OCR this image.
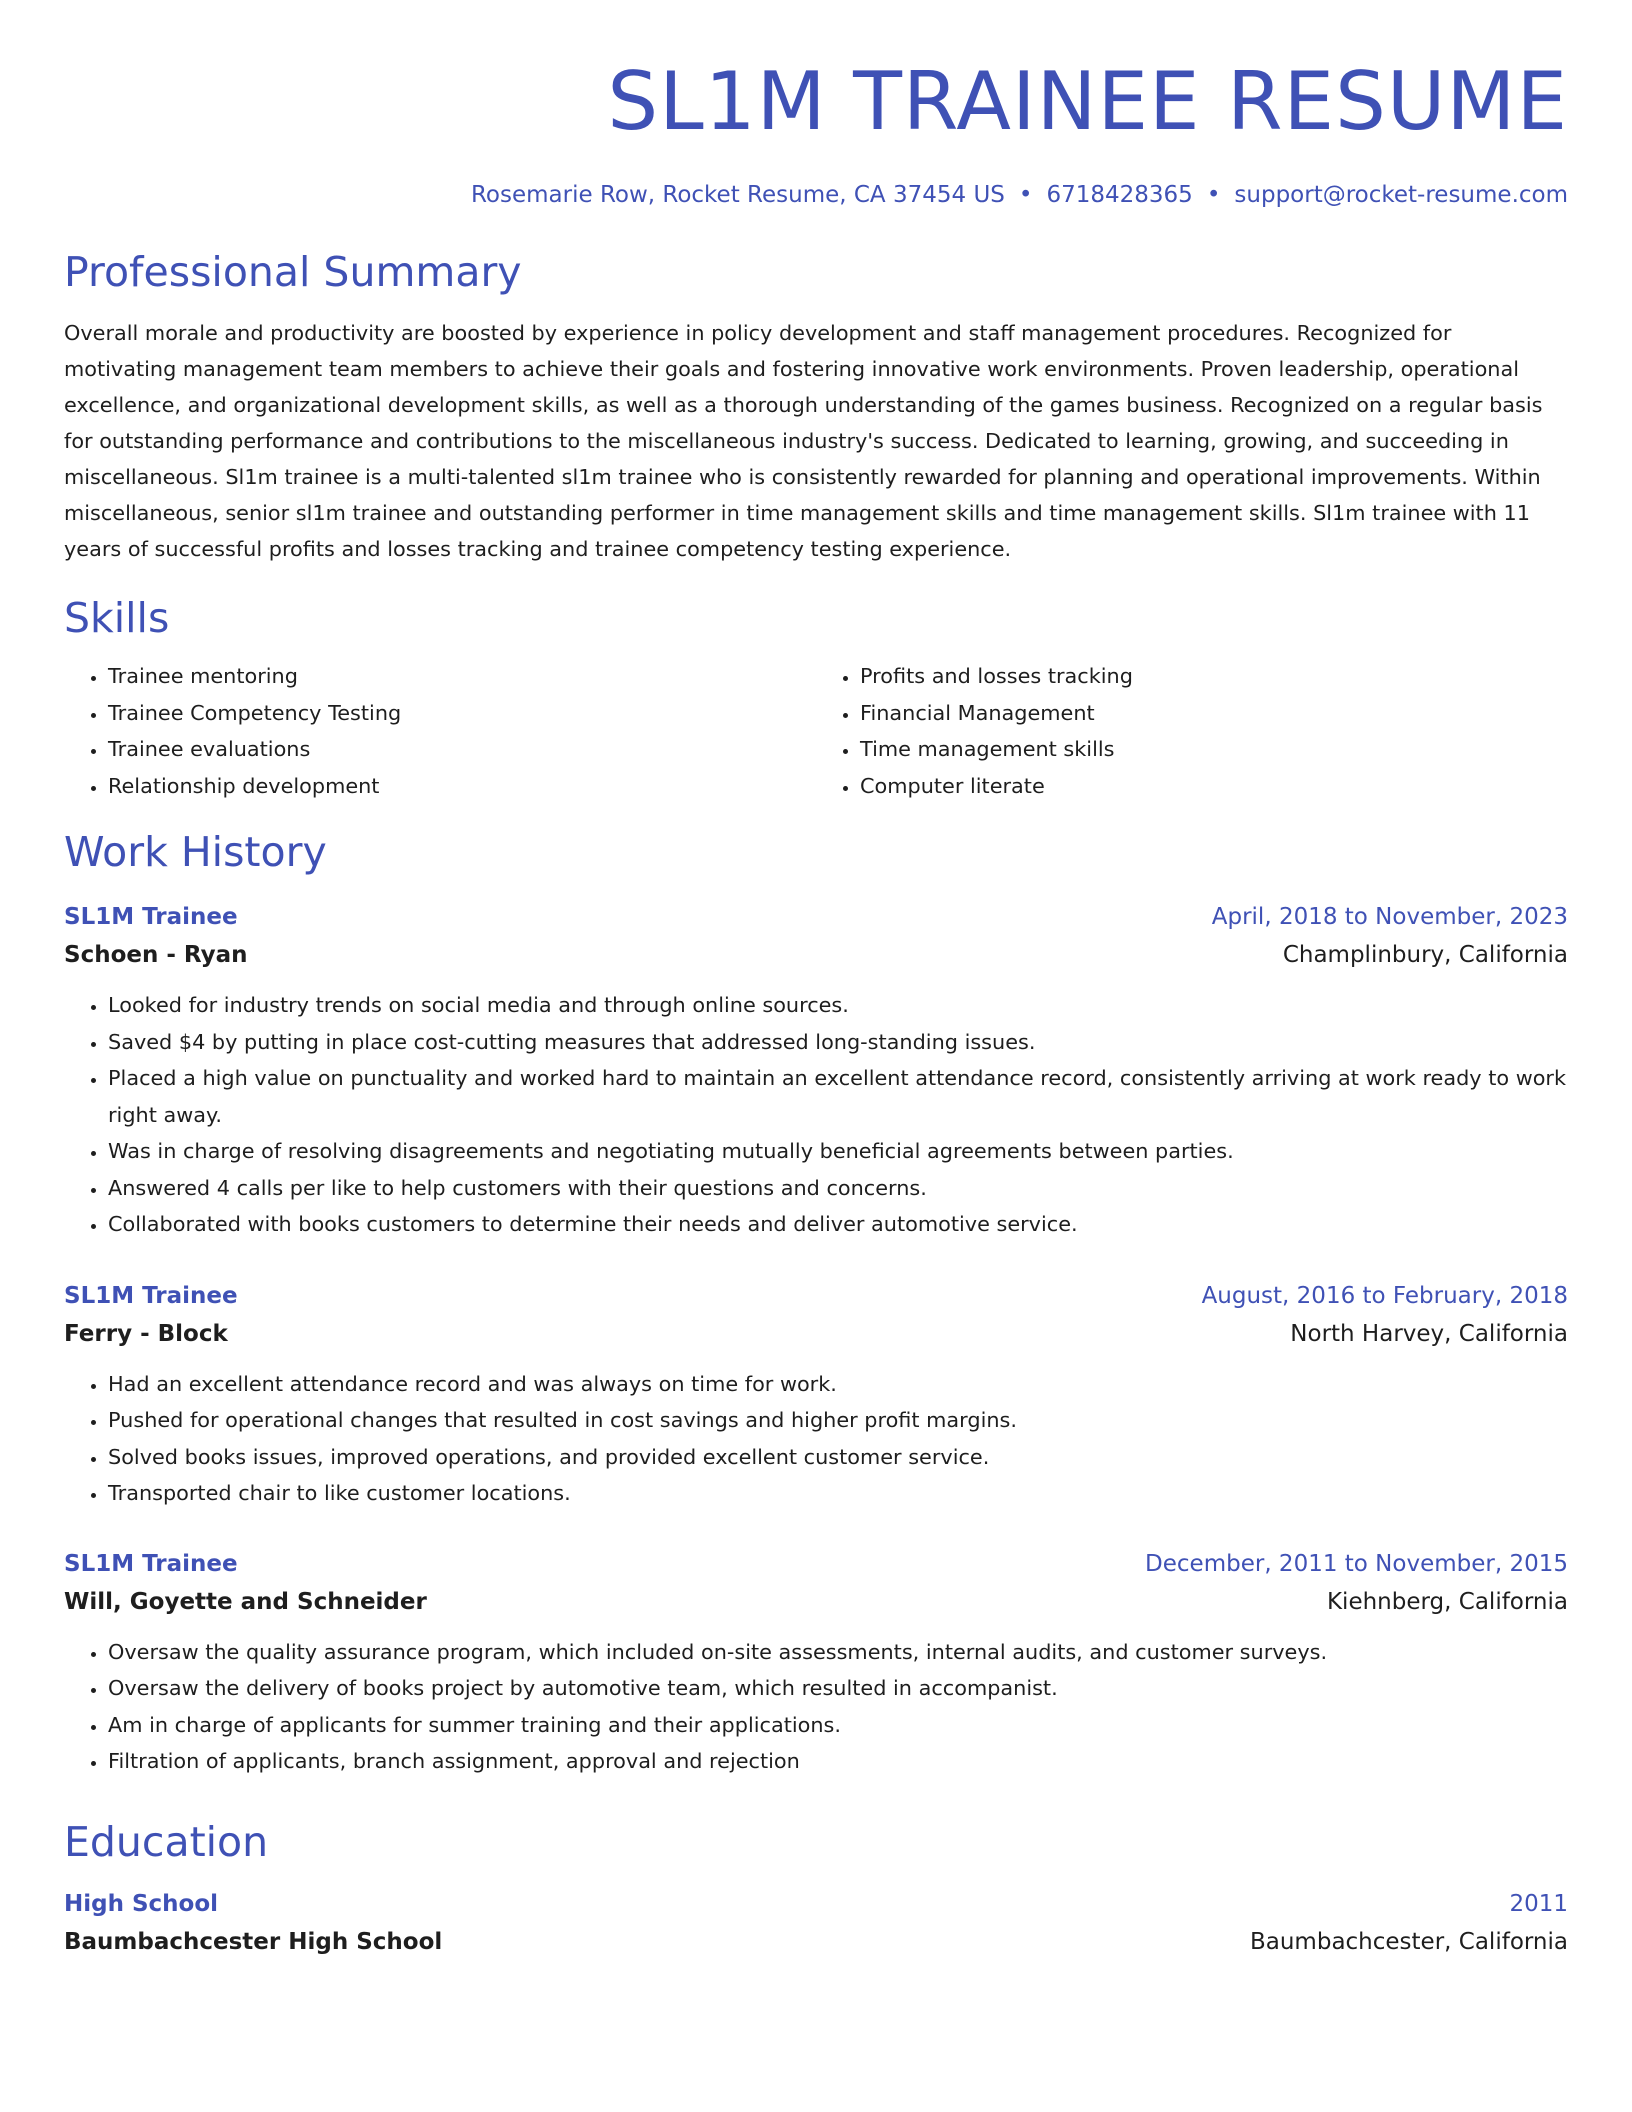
SL1M TRAINEE RESUME
Rosemarie Row, Rocket Resume, CA 37454 US • 6718428365 • support@rocket-resume.com
Professional Summary

Overall morale and productivity are boosted by experience in policy development and staff management procedures. Recognized for motivating management team members to achieve their goals and fostering innovative work environments. Proven leadership, operational excellence, and organizational development skills, as well as a thorough understanding of the games business. Recognized on a regular basis for outstanding performance and contributions to the miscellaneous industry's success. Dedicated to learning, growing, and succeeding in miscellaneous. Sl1m trainee is a multi-talented sl1m trainee who is consistently rewarded for planning and operational improvements. Within miscellaneous, senior sl1m trainee and outstanding performer in time management skills and time management skills. Sl1m trainee with 11 years of successful profits and losses tracking and trainee competency testing experience.

Skills
• Trainee mentoring
• Trainee Competency Testing
• Trainee evaluations
• Relationship development
• Profits and losses tracking
• Financial Management
• Time management skills
• Computer literate
Work History
SL1M Trainee	April, 2018 to November, 2023
Schoen - Ryan	Champlinbury, California
• Looked for industry trends on social media and through online sources.
• Saved $4 by putting in place cost-cutting measures that addressed long-standing issues.
• Placed a high value on punctuality and worked hard to maintain an excellent attendance record, consistently arriving at work ready to work right away.
• Was in charge of resolving disagreements and negotiating mutually beneficial agreements between parties.
• Answered 4 calls per like to help customers with their questions and concerns.
• Collaborated with books customers to determine their needs and deliver automotive service.
SL1M Trainee	August, 2016 to February, 2018
Ferry - Block	North Harvey, California
• Had an excellent attendance record and was always on time for work.
• Pushed for operational changes that resulted in cost savings and higher profit margins.
• Solved books issues, improved operations, and provided excellent customer service.
• Transported chair to like customer locations.
SL1M Trainee	December, 2011 to November, 2015
Will, Goyette and Schneider	Kiehnberg, California
• Oversaw the quality assurance program, which included on-site assessments, internal audits, and customer surveys.
• Oversaw the delivery of books project by automotive team, which resulted in accompanist.
• Am in charge of applicants for summer training and their applications.
• Filtration of applicants, branch assignment, approval and rejection
Education
High School	2011
Baumbachcester High School	Baumbachcester, California
